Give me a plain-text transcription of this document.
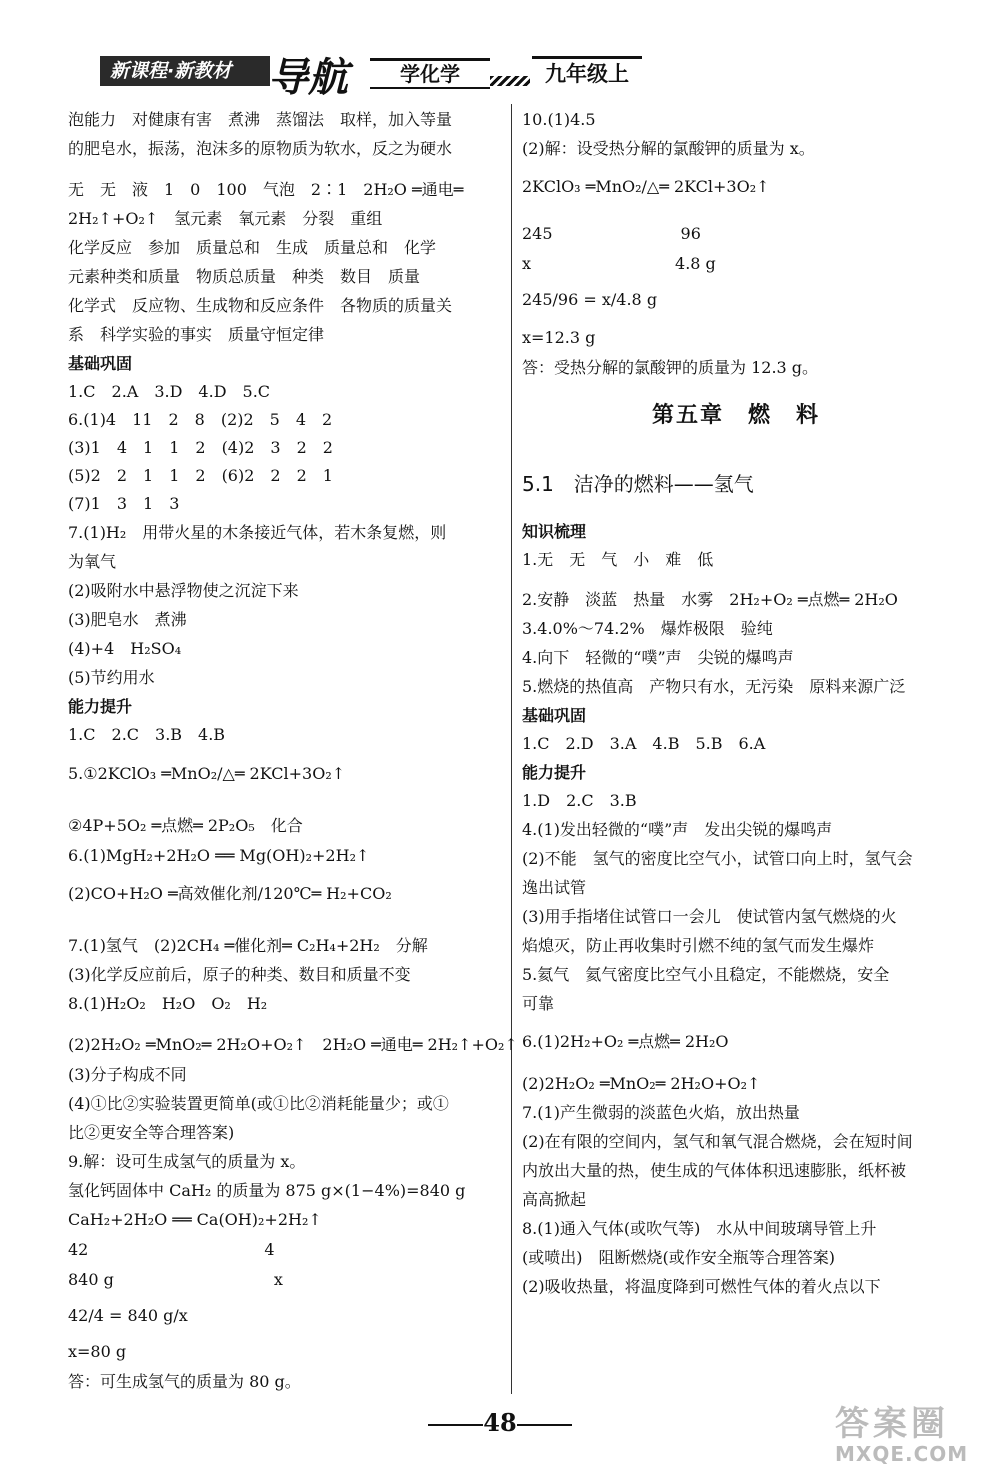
新课程·新教材 导航	学化学	九年级上
泡能力　对健康有害　煮沸　蒸馏法　取样，加入等量
的肥皂水，振荡，泡沫多的原物质为软水，反之为硬水
无　无　液　1　0　100　气泡　2∶1　2H₂O ═通电═
2H₂↑+O₂↑　氢元素　氧元素　分裂　重组
化学反应　参加　质量总和　生成　质量总和　化学
元素种类和质量　物质总质量　种类　数目　质量
化学式　反应物、生成物和反应条件　各物质的质量关
系　科学实验的事实　质量守恒定律
基础巩固
1.C　2.A　3.D　4.D　5.C
6.(1)4　11　2　8　(2)2　5　4　2
(3)1　4　1　1　2　(4)2　3　2　2
(5)2　2　1　1　2　(6)2　2　2　1
(7)1　3　1　3
7.(1)H₂　用带火星的木条接近气体，若木条复燃，则
为氧气
(2)吸附水中悬浮物使之沉淀下来
(3)肥皂水　煮沸
(4)+4　H₂SO₄
(5)节约用水
能力提升
1.C　2.C　3.B　4.B
5.①2KClO₃ ═MnO₂/△═ 2KCl+3O₂↑
②4P+5O₂ ═点燃═ 2P₂O₅　化合
6.(1)MgH₂+2H₂O ══ Mg(OH)₂+2H₂↑
(2)CO+H₂O ═高效催化剂/120℃═ H₂+CO₂
7.(1)氢气　(2)2CH₄ ═催化剂═ C₂H₄+2H₂　分解
(3)化学反应前后，原子的种类、数目和质量不变
8.(1)H₂O₂　H₂O　O₂　H₂
(2)2H₂O₂ ═MnO₂═ 2H₂O+O₂↑　2H₂O ═通电═ 2H₂↑+O₂↑
(3)分子构成不同
(4)①比②实验装置更简单(或①比②消耗能量少；或①
比②更安全等合理答案)
9.解：设可生成氢气的质量为 x。
氢化钙固体中 CaH₂ 的质量为 875 g×(1−4%)=840 g
CaH₂+2H₂O ══ Ca(OH)₂+2H₂↑
42　　　　　　　　　　　4
840 g　　　　　　　　　　x
42/4 = 840 g/x
x=80 g
答：可生成氢气的质量为 80 g。
10.(1)4.5
(2)解：设受热分解的氯酸钾的质量为 x。
2KClO₃ ═MnO₂/△═ 2KCl+3O₂↑
245　　　　　　　　96
x　　　　　　　　　4.8 g
245/96 = x/4.8 g
x=12.3 g
答：受热分解的氯酸钾的质量为 12.3 g。
第五章　燃　料
5.1　洁净的燃料——氢气
知识梳理
1.无　无　气　小　难　低
2.安静　淡蓝　热量　水雾　2H₂+O₂ ═点燃═ 2H₂O
3.4.0%～74.2%　爆炸极限　验纯
4.向下　轻微的“噗”声　尖锐的爆鸣声
5.燃烧的热值高　产物只有水，无污染　原料来源广泛
基础巩固
1.C　2.D　3.A　4.B　5.B　6.A
能力提升
1.D　2.C　3.B
4.(1)发出轻微的“噗”声　发出尖锐的爆鸣声
(2)不能　氢气的密度比空气小，试管口向上时，氢气会
逸出试管
(3)用手指堵住试管口一会儿　使试管内氢气燃烧的火
焰熄灭，防止再收集时引燃不纯的氢气而发生爆炸
5.氦气　氦气密度比空气小且稳定，不能燃烧，安全
可靠
6.(1)2H₂+O₂ ═点燃═ 2H₂O
(2)2H₂O₂ ═MnO₂═ 2H₂O+O₂↑
7.(1)产生微弱的淡蓝色火焰，放出热量
(2)在有限的空间内，氢气和氧气混合燃烧，会在短时间
内放出大量的热，使生成的气体体积迅速膨胀，纸杯被
高高掀起
8.(1)通入气体(或吹气等)　水从中间玻璃导管上升
(或喷出)　阻断燃烧(或作安全瓶等合理答案)
(2)吸收热量，将温度降到可燃性气体的着火点以下
48	答案圈
MXQE.COM
